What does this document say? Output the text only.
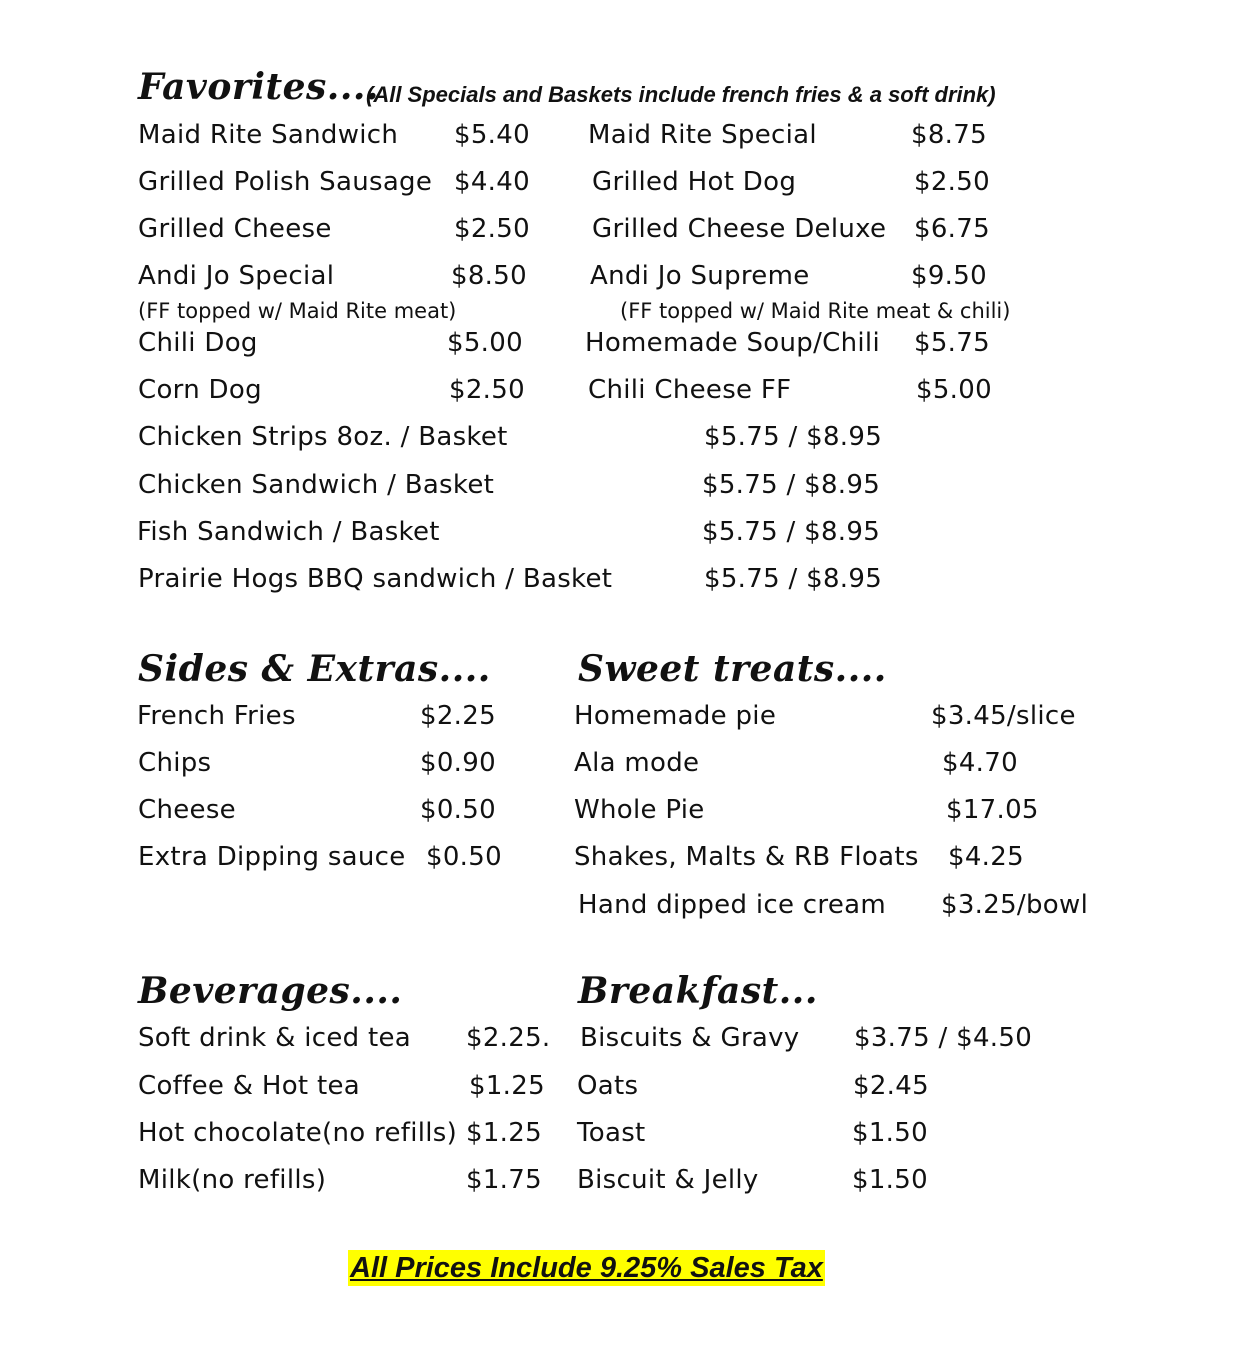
Favorites....
(All Specials and Baskets include french fries & a soft drink)
Maid Rite Sandwich $5.40
Grilled Polish Sausage $4.40
Grilled Cheese	$2.50
Andi Jo Special	$8.50
(FF topped w/ Maid Rite meat)
Chili Dog	$5.00
Corn Dog	$2.50
Maid Rite Special	$8.75
Grilled Hot Dog	$2.50
Grilled Cheese Deluxe $6.75
Andi Jo Supreme	$9.50
(FF topped w/ Maid Rite meat & chili)
Homemade Soup/Chili $5.75
Chili Cheese FF	$5.00
Chicken Strips 8oz. / Basket	$5.75 / $8.95
Chicken Sandwich / Basket	$5.75 / $8.95
Fish Sandwich / Basket	$5.75 / $8.95
Prairie Hogs BBQ sandwich / Basket	$5.75 / $8.95
Sides & Extras....
French Fries	$2.25
Chips	$0.90
Cheese	$0.50
Extra Dipping sauce $0.50
Sweet treats....
Homemade pie	$3.45/slice
Ala mode	$4.70
Whole Pie	$17.05
Shakes, Malts & RB Floats $4.25
Hand dipped ice cream $3.25/bowl
Beverages....
Soft drink & iced tea $2.25.
Coffee & Hot tea	$1.25
Hot chocolate(no refills) $1.25
Milk(no refills)	$1.75
Breakfast...
Biscuits & Gravy $3.75 / $4.50
Oats	$2.45
Toast	$1.50
Biscuit & Jelly	$1.50
All Prices Include 9.25% Sales Tax
